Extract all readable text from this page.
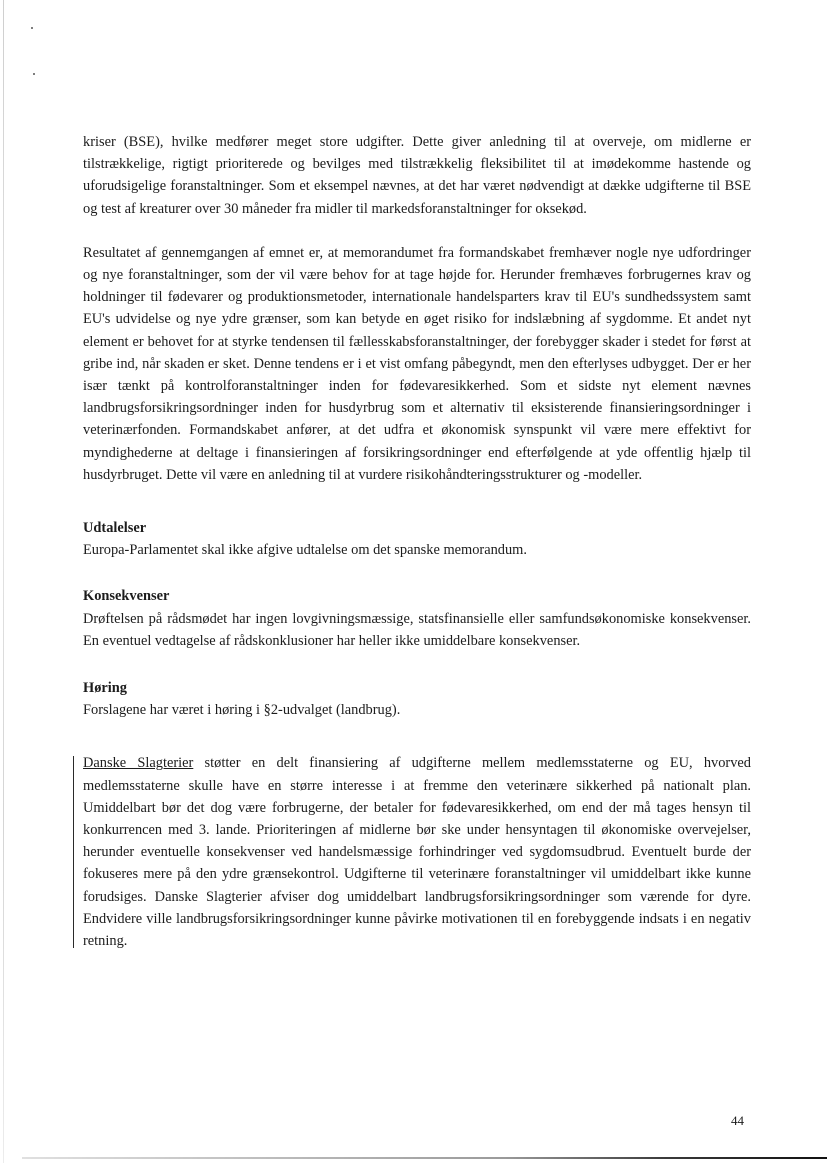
kriser (BSE), hvilke medfører meget store udgifter. Dette giver anledning til at overveje, om midlerne er tilstrækkelige, rigtigt prioriterede og bevilges med tilstrækkelig fleksibilitet til at imødekomme hastende og uforudsigelige foranstaltninger. Som et eksempel nævnes, at det har været nødvendigt at dække udgifterne til BSE og test af kreaturer over 30 måneder fra midler til markedsforanstaltninger for oksekød.

Resultatet af gennemgangen af emnet er, at memorandumet fra formandskabet fremhæver nogle nye udfordringer og nye foranstaltninger, som der vil være behov for at tage højde for. Herunder fremhæves forbrugernes krav og holdninger til fødevarer og produktionsmetoder, internationale handelsparters krav til EU's sundhedssystem samt EU's udvidelse og nye ydre grænser, som kan betyde en øget risiko for indslæbning af sygdomme. Et andet nyt element er behovet for at styrke tendensen til fællesskabsforanstaltninger, der forebygger skader i stedet for først at gribe ind, når skaden er sket. Denne tendens er i et vist omfang påbegyndt, men den efterlyses udbygget. Der er her især tænkt på kontrolforanstaltninger inden for fødevaresikkerhed. Som et sidste nyt element nævnes landbrugsforsikringsordninger inden for husdyrbrug som et alternativ til eksisterende finansieringsordninger i veterinærfonden. Formandskabet anfører, at det udfra et økonomisk synspunkt vil være mere effektivt for myndighederne at deltage i finansieringen af forsikringsordninger end efterfølgende at yde offentlig hjælp til husdyrbruget. Dette vil være en anledning til at vurdere risikohåndteringsstrukturer og -modeller.

Udtalelser

Europa-Parlamentet skal ikke afgive udtalelse om det spanske memorandum.

Konsekvenser

Drøftelsen på rådsmødet har ingen lovgivningsmæssige, statsfinansielle eller samfundsøkonomiske konsekvenser. En eventuel vedtagelse af rådskonklusioner har heller ikke umiddelbare konsekvenser.

Høring

Forslagene har været i høring i §2-udvalget (landbrug).

Danske Slagterier støtter en delt finansiering af udgifterne mellem medlemsstaterne og EU, hvorved medlemsstaterne skulle have en større interesse i at fremme den veterinære sikkerhed på nationalt plan. Umiddelbart bør det dog være forbrugerne, der betaler for fødevaresikkerhed, om end der må tages hensyn til konkurrencen med 3. lande. Prioriteringen af midlerne bør ske under hensyntagen til økonomiske overvejelser, herunder eventuelle konsekvenser ved handelsmæssige forhindringer ved sygdomsudbrud. Eventuelt burde der fokuseres mere på den ydre grænsekontrol. Udgifterne til veterinære foranstaltninger vil umiddelbart ikke kunne forudsiges. Danske Slagterier afviser dog umiddelbart landbrugsforsikringsordninger som værende for dyre. Endvidere ville landbrugsforsikringsordninger kunne påvirke motivationen til en forebyggende indsats i en negativ retning.

44
